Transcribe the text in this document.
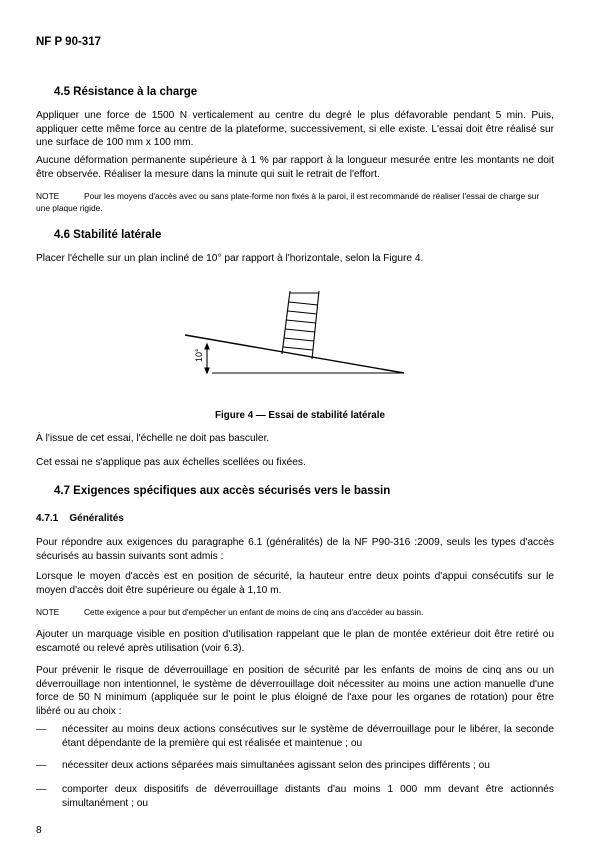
NF P 90-317
4.5 Résistance à la charge
Appliquer une force de 1500 N verticalement au centre du degré le plus défavorable pendant 5 min. Puis, appliquer cette même force au centre de la plateforme, successivement, si elle existe. L'essai doit être réalisé sur une surface de 100 mm x 100 mm.
Aucune déformation permanente supérieure à 1 % par rapport à la longueur mesurée entre les montants ne doit être observée. Réaliser la mesure dans la minute qui suit le retrait de l'effort.
NOTE	Pour les moyens d'accès avec ou sans plate-forme non fixés à la paroi, il est recommandé de réaliser l'essai de charge sur une plaque rigide.
4.6 Stabilité latérale
Placer l'échelle sur un plan incliné de 10° par rapport à l'horizontale, selon la Figure 4.
10°
Figure 4 — Essai de stabilité latérale
À l'issue de cet essai, l'échelle ne doit pas basculer.
Cet essai ne s'applique pas aux échelles scellées ou fixées.
4.7 Exigences spécifiques aux accès sécurisés vers le bassin
4.7.1    Généralités
Pour répondre aux exigences du paragraphe 6.1 (généralités) de la NF P90-316 :2009, seuls les types d'accès sécurisés au bassin suivants sont admis :
Lorsque le moyen d'accès est en position de sécurité, la hauteur entre deux points d'appui consécutifs sur le moyen d'accès doit être supérieure ou égale à 1,10 m.
NOTE	Cette exigence a pour but d'empêcher un enfant de moins de cinq ans d'accéder au bassin.
Ajouter un marquage visible en position d'utilisation rappelant que le plan de montée extérieur doit être retiré ou escamoté ou relevé après utilisation (voir 6.3).
Pour prévenir le risque de déverrouillage en position de sécurité par les enfants de moins de cinq ans ou un déverrouillage non intentionnel, le système de déverrouillage doit nécessiter au moins une action manuelle d'une force de 50 N minimum (appliquée sur le point le plus éloigné de l'axe pour les organes de rotation) pour être libéré ou au choix :
— nécessiter au moins deux actions consécutives sur le système de déverrouillage pour le libérer, la seconde étant dépendante de la première qui est réalisée et maintenue ; ou
— nécessiter deux actions séparées mais simultanées agissant selon des principes différents ; ou
— comporter deux dispositifs de déverrouillage distants d'au moins 1 000 mm devant être actionnés simultanément ; ou
8
